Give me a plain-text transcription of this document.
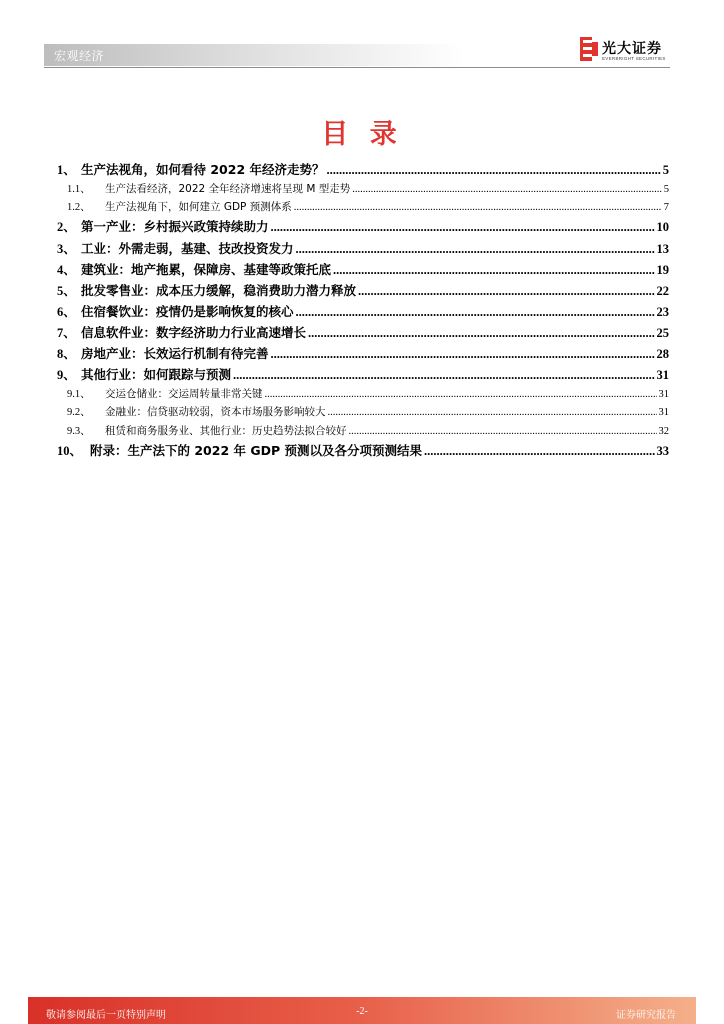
宏观经济	光大证券
EVERBRIGHT SECURITIES
目 录
1、 生产法视角，如何看待 2022 年经济走势？ .....	5
1.1、	生产法看经济，2022 全年经济增速将呈现 M 型走势 .....	5
1.2、	生产法视角下，如何建立 GDP 预测体系 .....	7
2、 第一产业：乡村振兴政策持续助力 .....	10
3、 工业：外需走弱，基建、技改投资发力 .....	13
4、 建筑业：地产拖累，保障房、基建等政策托底 .....	19
5、 批发零售业：成本压力缓解，稳消费助力潜力释放 .....	22
6、 住宿餐饮业：疫情仍是影响恢复的核心 .....	23
7、 信息软件业：数字经济助力行业高速增长 .....	25
8、 房地产业：长效运行机制有待完善 .....	28
9、 其他行业：如何跟踪与预测 .....	31
9.1、	交运仓储业：交运周转量非常关键 .....	31
9.2、	金融业：信贷驱动较弱，资本市场服务影响较大 .....	31
9.3、	租赁和商务服务业、其他行业：历史趋势法拟合较好 .....	32
10、 附录：生产法下的 2022 年 GDP 预测以及各分项预测结果 .....	33
敬请参阅最后一页特别声明	-2-	证券研究报告
